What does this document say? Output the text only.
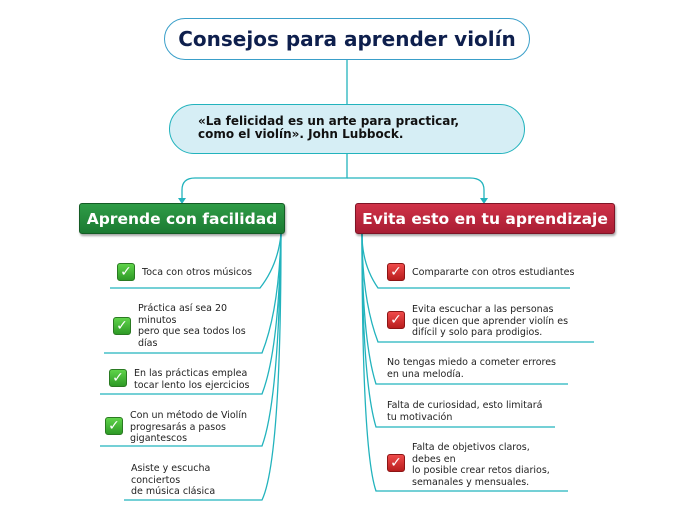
Consejos para aprender violín
«La felicidad es un arte para practicar,
como el violín». John Lubbock.
Aprende con facilidad	Evita esto en tu aprendizaje
✓	Toca con otros músicos
✓
Práctica así sea 20
minutos
pero que sea todos los
días
✓	En las prácticas emplea
tocar lento los ejercicios
✓
Con un método de Violín
progresarás a pasos
gigantescos
Asiste y escucha
conciertos
de música clásica
✓	Compararte con otros estudiantes
✓
Evita escuchar a las personas
que dicen que aprender violín es
difícil y solo para prodigios.
No tengas miedo a cometer errores
en una melodía.
Falta de curiosidad, esto limitará
tu motivación
✓
Falta de objetivos claros,
debes en
lo posible crear retos diarios,
semanales y mensuales.
